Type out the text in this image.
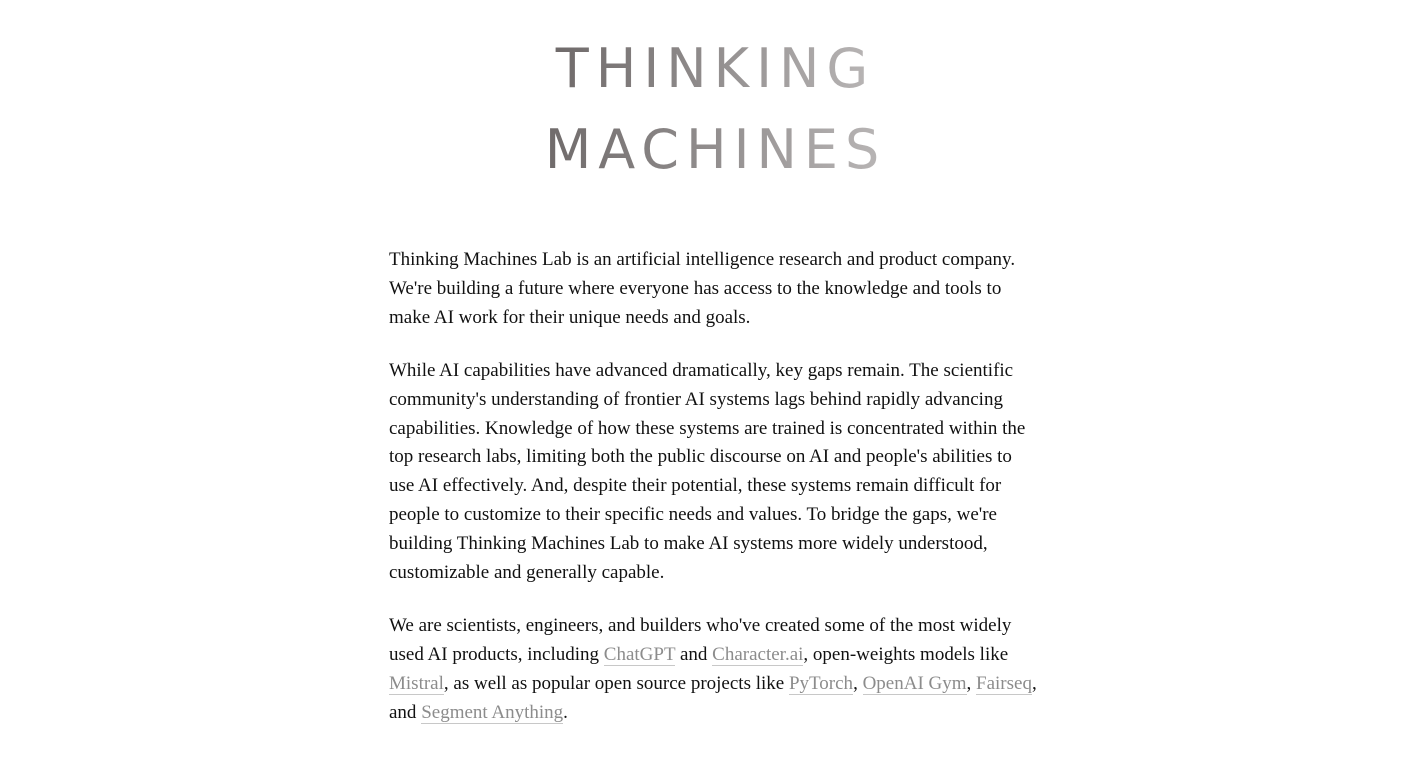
THINKING
MACHINES

Thinking Machines Lab is an artificial intelligence research and product company. We're building a future where everyone has access to the knowledge and tools to make AI work for their unique needs and goals.

While AI capabilities have advanced dramatically, key gaps remain. The scientific community's understanding of frontier AI systems lags behind rapidly advancing capabilities. Knowledge of how these systems are trained is concentrated within the top research labs, limiting both the public discourse on AI and people's abilities to use AI effectively. And, despite their potential, these systems remain difficult for people to customize to their specific needs and values. To bridge the gaps, we're building Thinking Machines Lab to make AI systems more widely understood, customizable and generally capable.

We are scientists, engineers, and builders who've created some of the most widely used AI products, including ChatGPT and Character.ai, open-weights models like Mistral, as well as popular open source projects like PyTorch, OpenAI Gym, Fairseq, and Segment Anything.
